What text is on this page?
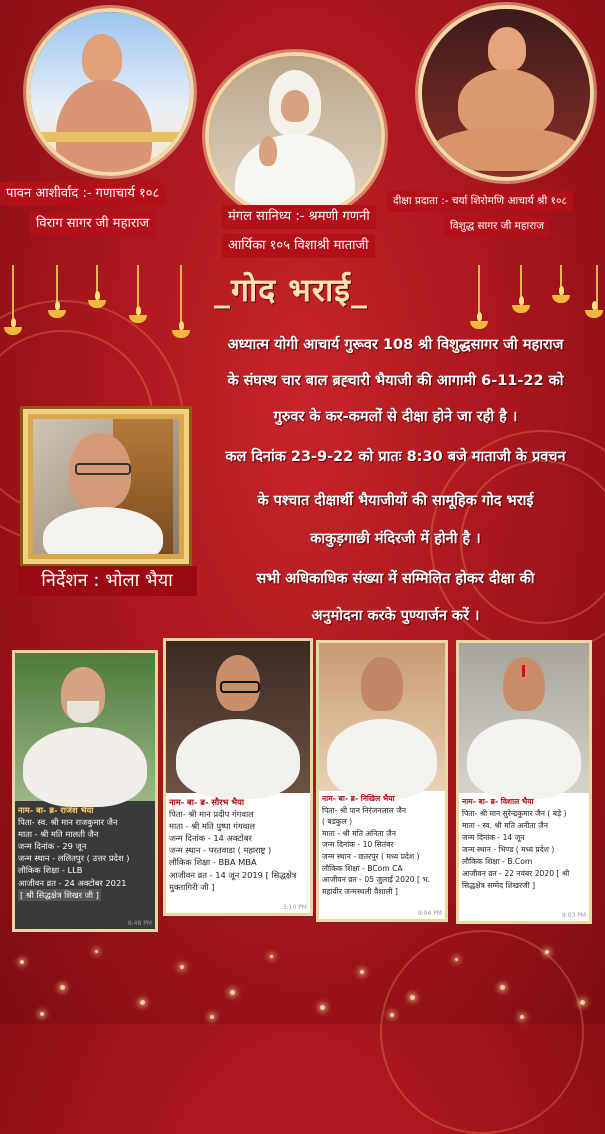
पावन आशीर्वाद :- गणाचार्य १०८
विराग सागर जी महाराज	मंगल सानिध्य :- श्रमणी गणनी
आर्यिका १०५ विशाश्री माताजी
दीक्षा प्रदाता :- चर्या शिरोमणि आचार्य श्री १०८
विशुद्ध सागर जी महाराज
_गोद भराई_
अध्यात्म योगी आचार्य गुरूवर 108 श्री विशुद्धसागर जी महाराज
के संघस्थ चार बाल ब्रह्चारी भैयाजी की आगामी 6-11-22 को
गुरुवर के कर-कमलों से दीक्षा होने जा रही है ।
कल दिनांक 23-9-22 को प्रातः 8:30 बजे माताजी के प्रवचन
के पश्चात दीक्षार्थी भैयाजीयों की सामूहिक गोद भराई
काकुड़गाछी मंदिरजी में होनी है ।
सभी अधिकाधिक संख्या में सम्मिलित होकर दीक्षा की
अनुमोदना करके पुण्यार्जन करें ।
निर्देशन : भोला भैया
नाम- बा- ब्र- राजेश भैया
पिता- स्व. श्री मान राजकुमार जैन
माता - श्री मति मालती जैन
जन्म दिनांक - 29 जून
जन्म स्थान - ललितपुर ( उत्तर प्रदेश )
लौकिक शिक्षा - LLB
आजीवन व्रत - 24 अक्टोबर 2021
[ श्री सिद्धक्षेत्र शिखर जी ]
8:48 PM
नाम- बा- ब्र- सौरभ भैया
पिता- श्री मान प्रदीप गंगवाल
माता - श्री मति पुष्पा गंगवाल
जन्म दिनांक - 14 अक्टोबर
जन्म स्थान - परतवाडा ( महाराष्ट्र )
लौकिक शिक्षा - BBA MBA
आजीवन व्रत - 14 जून 2019 [ सिद्धक्षेत्र
मुक्तागिरी जी ]
3:10 PM
नाम- बा- ब्र- निखिल भैया
पिता- श्री पान निरंजनलाल जैन
( बडकुल )
माता - श्री मति अनिता जैन
जन्म दिनांक - 10 सितंबर
जन्म स्थान - छतरपुर ( मध्य प्रदेश )
लौकिक शिक्षा - BCom CA
आजीवन व्रत - 05 जुलाई 2020 [ भ.
महावीर जन्मस्थली वैशाली ]
9:04 PM
नाम- बा- ब्र- विशाल भैया
पिता- श्री मान सुरेन्द्रकुमार जैन ( बड़े )
माता - स्व. श्री मति अनीता जैन
जन्म दिनांक - 14 जून
जन्म स्थान - भिण्ड ( मध्य प्रदेश )
लौकिक शिक्षा - B.Com
आजीवन व्रत - 22 नवंबर 2020 [ श्री
सिद्धक्षेत्र सम्मेद शिखरजी ]
9:03 PM
